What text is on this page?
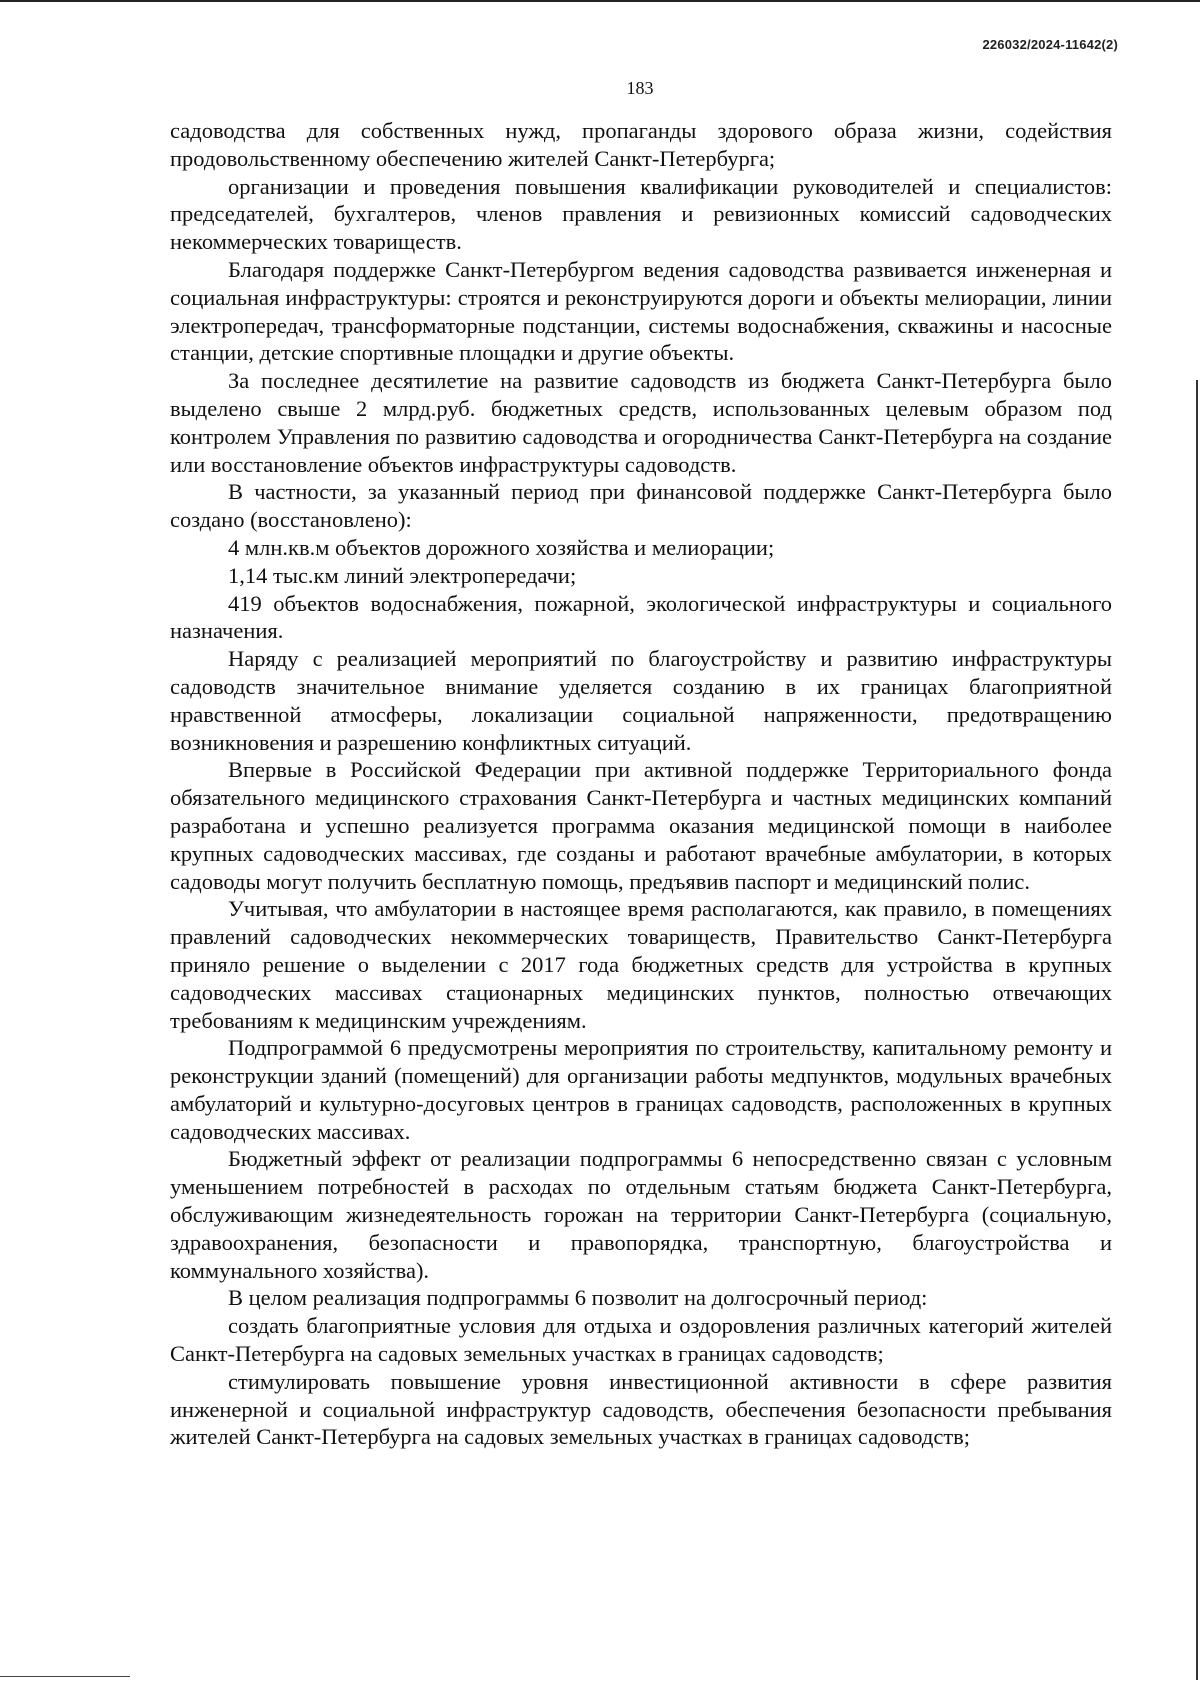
226032/2024-11642(2)
183

садоводства для собственных нужд, пропаганды здорового образа жизни, содействия продовольственному обеспечению жителей Санкт-Петербурга;

организации и проведения повышения квалификации руководителей и специалистов: председателей, бухгалтеров, членов правления и ревизионных комиссий садоводческих некоммерческих товариществ.

Благодаря поддержке Санкт-Петербургом ведения садоводства развивается инженерная и социальная инфраструктуры: строятся и реконструируются дороги и объекты мелиорации, линии электропередач, трансформаторные подстанции, системы водоснабжения, скважины и насосные станции, детские спортивные площадки и другие объекты.

За последнее десятилетие на развитие садоводств из бюджета Санкт-Петербурга было выделено свыше 2 млрд.руб. бюджетных средств, использованных целевым образом под контролем Управления по развитию садоводства и огородничества Санкт-Петербурга на создание или восстановление объектов инфраструктуры садоводств.

В частности, за указанный период при финансовой поддержке Санкт-Петербурга было создано (восстановлено):

4 млн.кв.м объектов дорожного хозяйства и мелиорации;

1,14 тыс.км линий электропередачи;

419 объектов водоснабжения, пожарной, экологической инфраструктуры и социального назначения.

Наряду с реализацией мероприятий по благоустройству и развитию инфраструктуры садоводств значительное внимание уделяется созданию в их границах благоприятной нравственной атмосферы, локализации социальной напряженности, предотвращению возникновения и разрешению конфликтных ситуаций.

Впервые в Российской Федерации при активной поддержке Территориального фонда обязательного медицинского страхования Санкт-Петербурга и частных медицинских компаний разработана и успешно реализуется программа оказания медицинской помощи в наиболее крупных садоводческих массивах, где созданы и работают врачебные амбулатории, в которых садоводы могут получить бесплатную помощь, предъявив паспорт и медицинский полис.

Учитывая, что амбулатории в настоящее время располагаются, как правило, в помещениях правлений садоводческих некоммерческих товариществ, Правительство Санкт-Петербурга приняло решение о выделении с 2017 года бюджетных средств для устройства в крупных садоводческих массивах стационарных медицинских пунктов, полностью отвечающих требованиям к медицинским учреждениям.

Подпрограммой 6 предусмотрены мероприятия по строительству, капитальному ремонту и реконструкции зданий (помещений) для организации работы медпунктов, модульных врачебных амбулаторий и культурно-досуговых центров в границах садоводств, расположенных в крупных садоводческих массивах.

Бюджетный эффект от реализации подпрограммы 6 непосредственно связан с условным уменьшением потребностей в расходах по отдельным статьям бюджета Санкт-Петербурга, обслуживающим жизнедеятельность горожан на территории Санкт-Петербурга (социальную, здравоохранения, безопасности и правопорядка, транспортную, благоустройства и коммунального хозяйства).

В целом реализация подпрограммы 6 позволит на долгосрочный период:

создать благоприятные условия для отдыха и оздоровления различных категорий жителей Санкт-Петербурга на садовых земельных участках в границах садоводств;

стимулировать повышение уровня инвестиционной активности в сфере развития инженерной и социальной инфраструктур садоводств, обеспечения безопасности пребывания жителей Санкт-Петербурга на садовых земельных участках в границах садоводств;
